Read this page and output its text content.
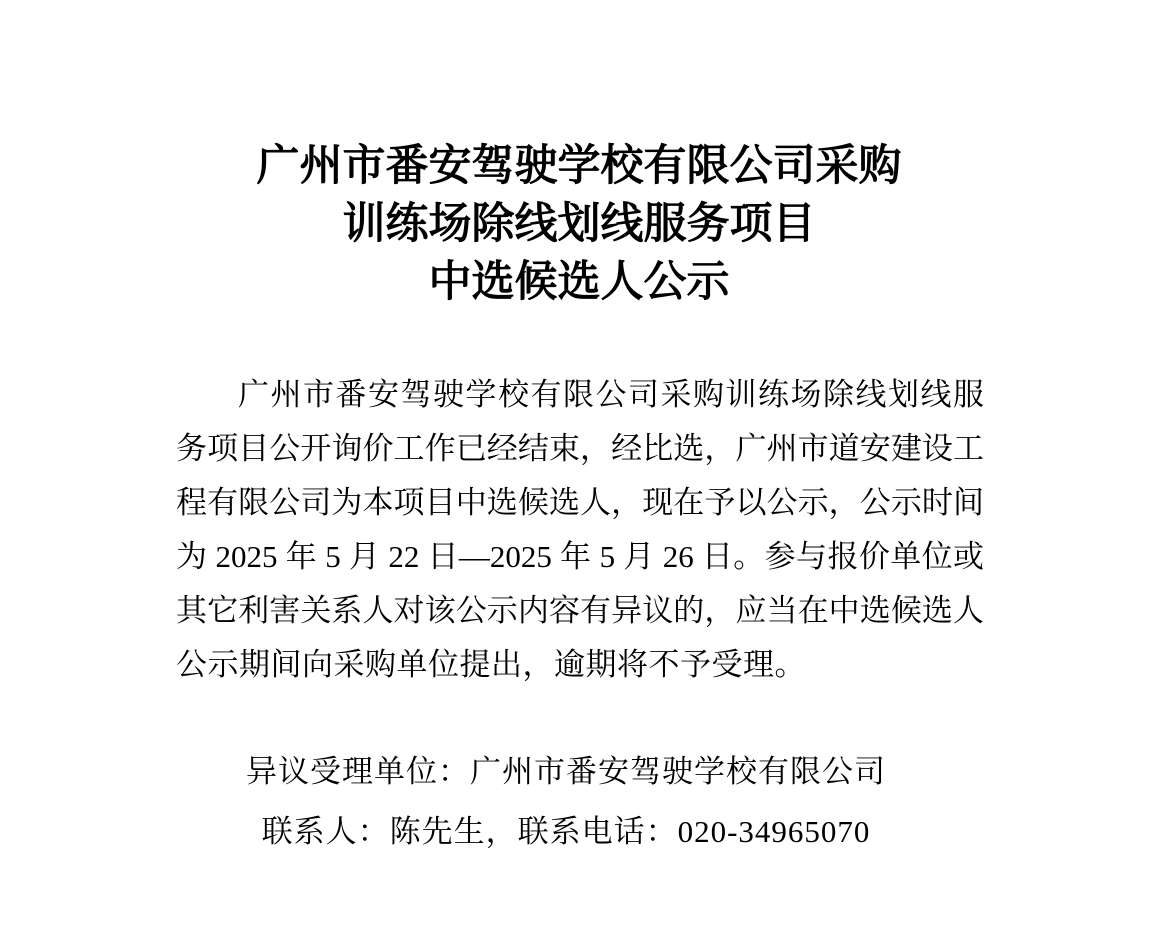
广州市番安驾驶学校有限公司采购
训练场除线划线服务项目
中选候选人公示
广州市番安驾驶学校有限公司采购训练场除线划线服
务项目公开询价工作已经结束，经比选，广州市道安建设工
程有限公司为本项目中选候选人，现在予以公示，公示时间
为 2025 年 5 月 22 日—2025 年 5 月 26 日。参与报价单位或
其它利害关系人对该公示内容有异议的，应当在中选候选人
公示期间向采购单位提出，逾期将不予受理。
异议受理单位：广州市番安驾驶学校有限公司
联系人：陈先生，联系电话：020-34965070
